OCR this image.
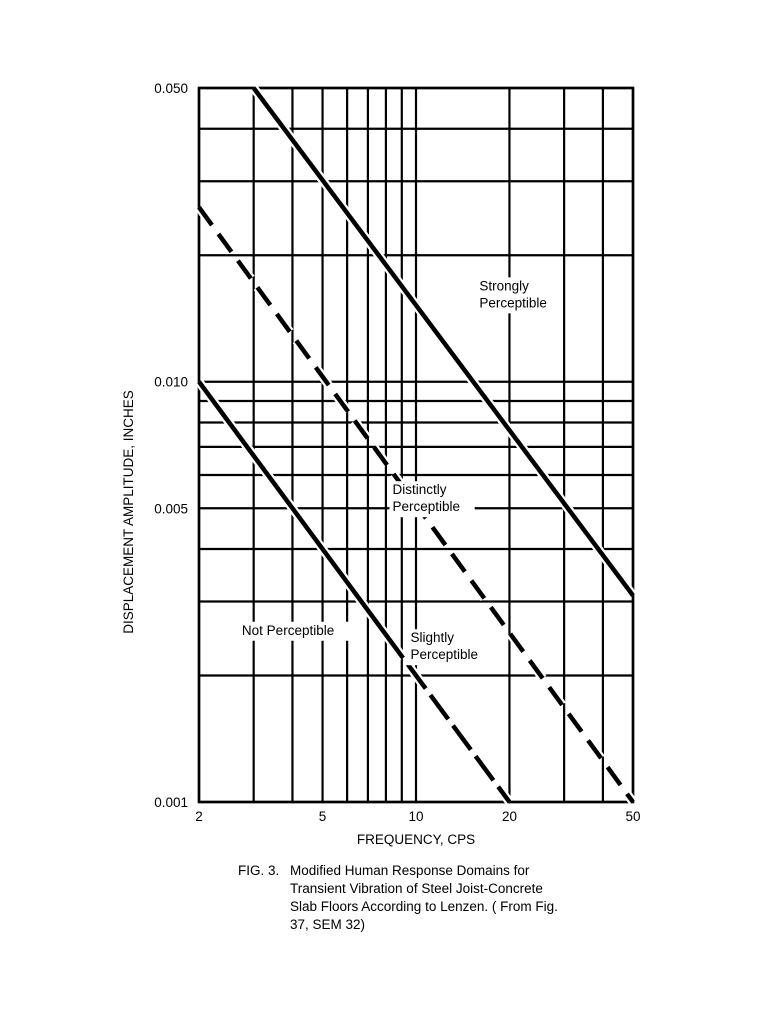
Strongly Perceptible
Distinctly Perceptible
Not Perceptible	Slightly Perceptible
2	5	10	20	50
0.001
0.005
0.010
0.050
FREQUENCY, CPS
DISPLACEMENT AMPLITUDE, INCHES
FIG. 3. Modified Human Response Domains for Transient Vibration of Steel Joist-Concrete Slab Floors According to Lenzen. ( From Fig. 37, SEM 32)
